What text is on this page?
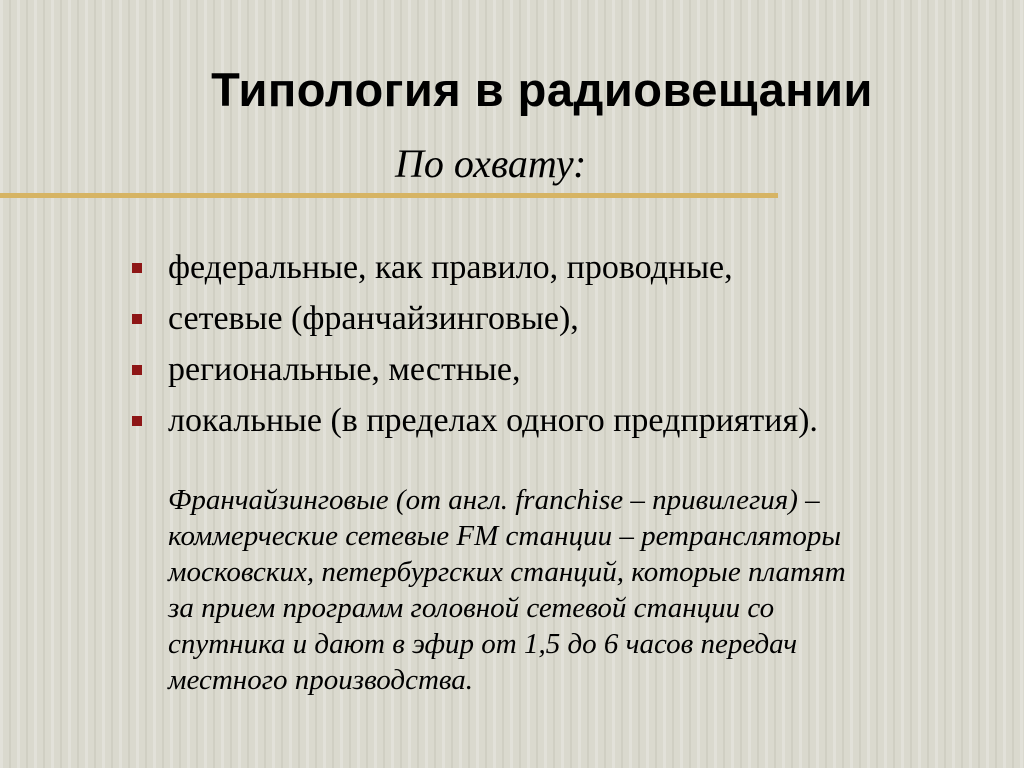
Типология в радиовещании

По охвату:

федеральные, как правило, проводные,
сетевые (франчайзинговые),
региональные, местные,
локальные (в пределах одного предприятия).

Франчайзинговые (от англ. franchise – привилегия) –
коммерческие сетевые FM станции – ретрансляторы
московских, петербургских станций, которые платят
за прием программ головной сетевой станции со
спутника и дают в эфир от 1,5 до 6 часов передач
местного производства.
